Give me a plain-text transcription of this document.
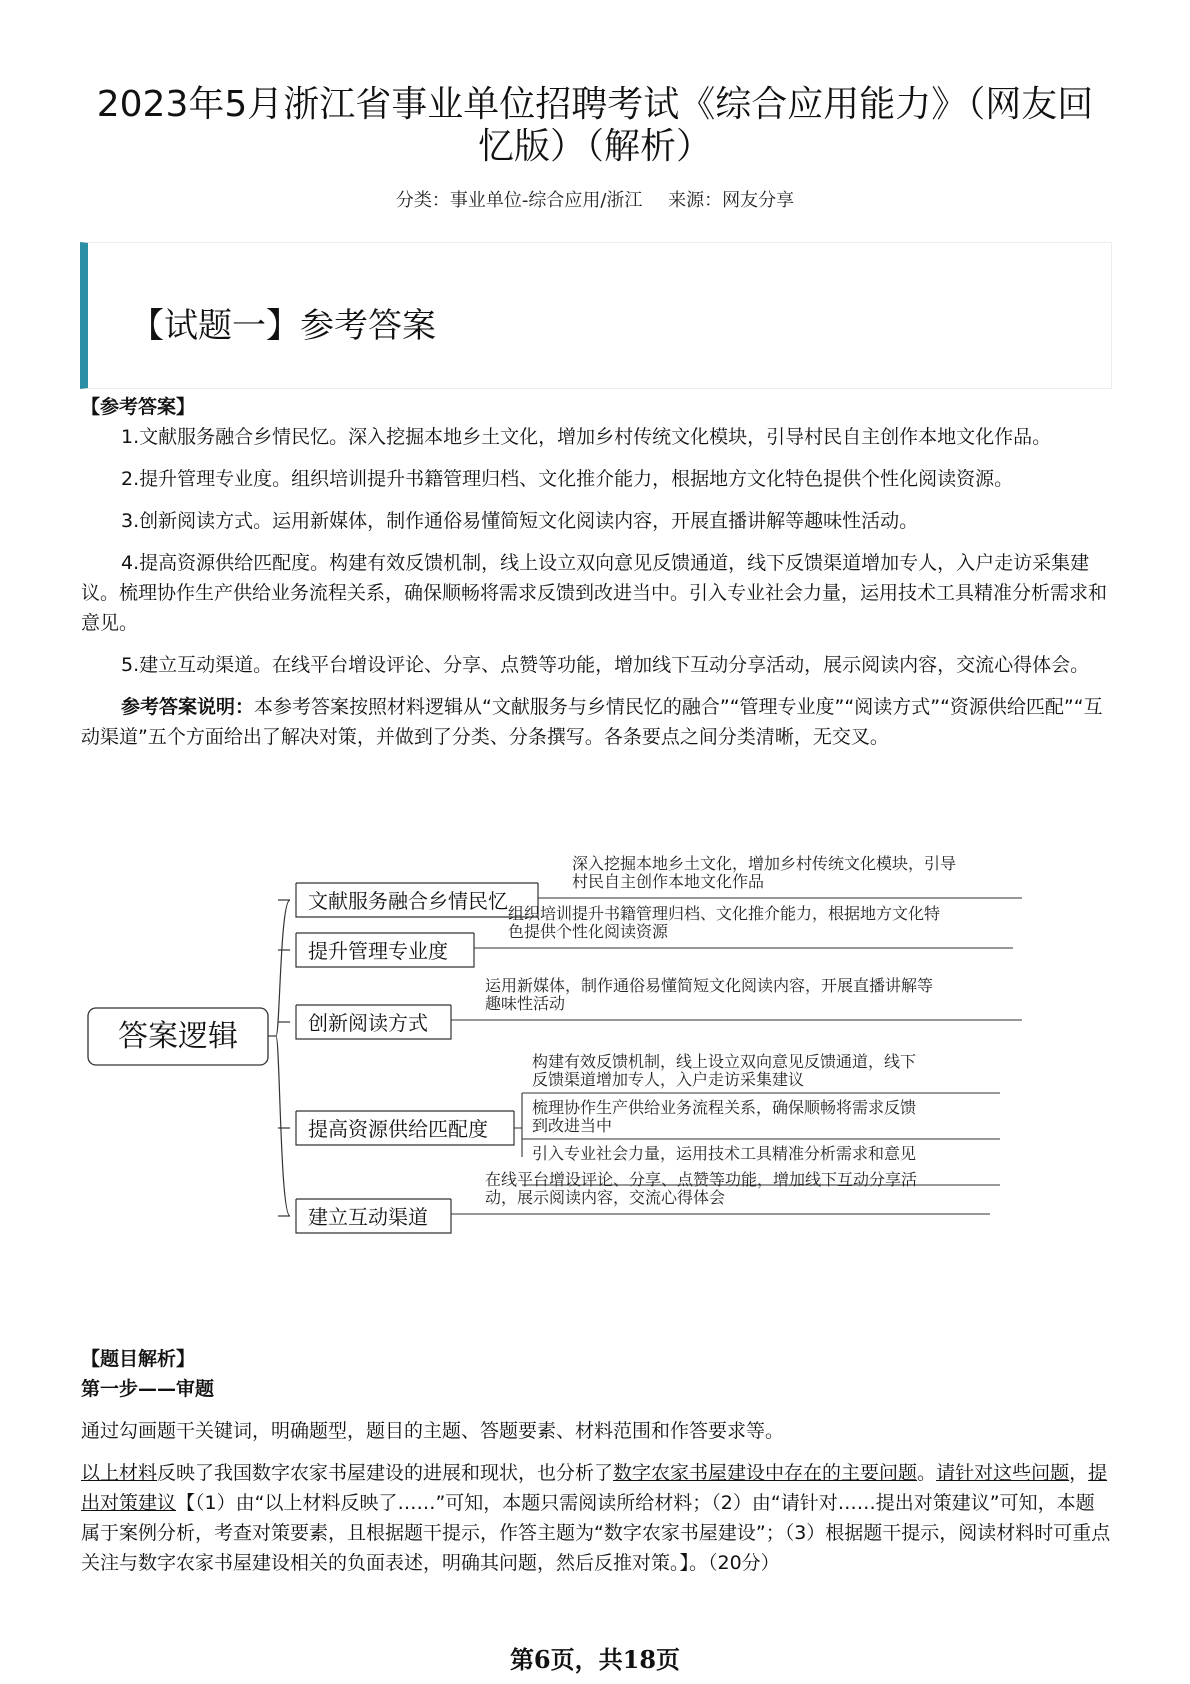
2023年5月浙江省事业单位招聘考试《综合应用能力》（网友回忆版）（解析）
分类：事业单位-综合应用/浙江 来源：网友分享
【试题一】参考答案

【参考答案】

1.文献服务融合乡情民忆。深入挖掘本地乡土文化，增加乡村传统文化模块，引导村民自主创作本地文化作品。

2.提升管理专业度。组织培训提升书籍管理归档、文化推介能力，根据地方文化特色提供个性化阅读资源。

3.创新阅读方式。运用新媒体，制作通俗易懂简短文化阅读内容，开展直播讲解等趣味性活动。

4.提高资源供给匹配度。构建有效反馈机制，线上设立双向意见反馈通道，线下反馈渠道增加专人，入户走访采集建议。梳理协作生产供给业务流程关系，确保顺畅将需求反馈到改进当中。引入专业社会力量，运用技术工具精准分析需求和意见。

5.建立互动渠道。在线平台增设评论、分享、点赞等功能，增加线下互动分享活动，展示阅读内容，交流心得体会。

参考答案说明：本参考答案按照材料逻辑从“文献服务与乡情民忆的融合”“管理专业度”“阅读方式”“资源供给匹配”“互动渠道”五个方面给出了解决对策，并做到了分类、分条撰写。各条要点之间分类清晰，无交叉。

答案逻辑
文献服务融合乡情民忆
深入挖掘本地乡土文化，增加乡村传统文化模块，引导
村民自主创作本地文化作品
提升管理专业度
组织培训提升书籍管理归档、文化推介能力，根据地方文化特
色提供个性化阅读资源
创新阅读方式
运用新媒体，制作通俗易懂简短文化阅读内容，开展直播讲解等
趣味性活动
提高资源供给匹配度
构建有效反馈机制，线上设立双向意见反馈通道，线下
反馈渠道增加专人，入户走访采集建议
梳理协作生产供给业务流程关系，确保顺畅将需求反馈
到改进当中
引入专业社会力量，运用技术工具精准分析需求和意见
建立互动渠道
在线平台增设评论、分享、点赞等功能，增加线下互动分享活
动，展示阅读内容，交流心得体会

【题目解析】

第一步——审题

通过勾画题干关键词，明确题型，题目的主题、答题要素、材料范围和作答要求等。

以上材料反映了我国数字农家书屋建设的进展和现状，也分析了数字农家书屋建设中存在的主要问题。请针对这些问题，提出对策建议【（1）由“以上材料反映了……”可知，本题只需阅读所给材料；（2）由“请针对……提出对策建议”可知，本题属于案例分析，考查对策要素，且根据题干提示，作答主题为“数字农家书屋建设”；（3）根据题干提示，阅读材料时可重点关注与数字农家书屋建设相关的负面表述，明确其问题，然后反推对策。】。（20分）

第6页，共18页
